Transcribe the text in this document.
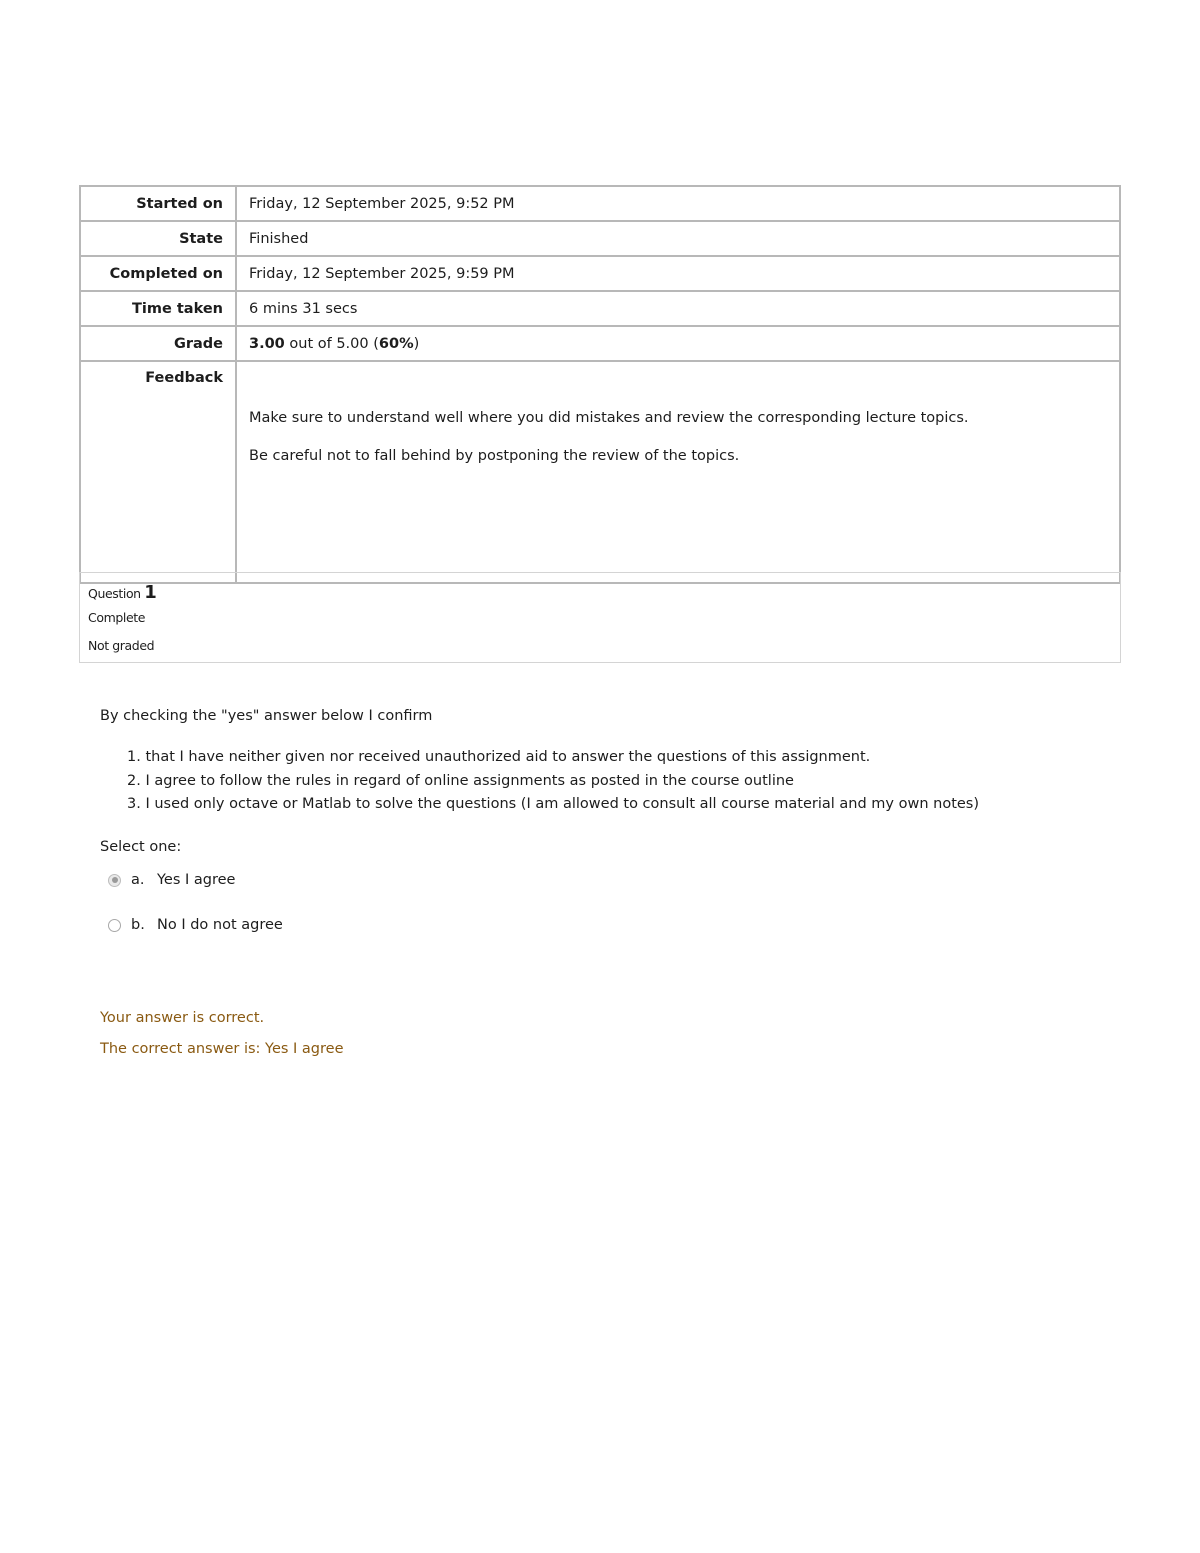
Started on	Friday, 12 September 2025, 9:52 PM
State	Finished
Completed on	Friday, 12 September 2025, 9:59 PM
Time taken	6 mins 31 secs
Grade	3.00 out of 5.00 (60%)
Feedback	Make sure to understand well where you did mistakes and review the corresponding lecture topics.

Be careful not to fall behind by postponing the review of the topics.

Question 1
Complete
Not graded
By checking the "yes" answer below I confirm
1. that I have neither given nor received unauthorized aid to answer the questions of this assignment.
2. I agree to follow the rules in regard of online assignments as posted in the course outline
3. I used only octave or Matlab to solve the questions (I am allowed to consult all course material and my own notes)
Select one:
a. Yes I agree
b. No I do not agree
Your answer is correct.
The correct answer is: Yes I agree
